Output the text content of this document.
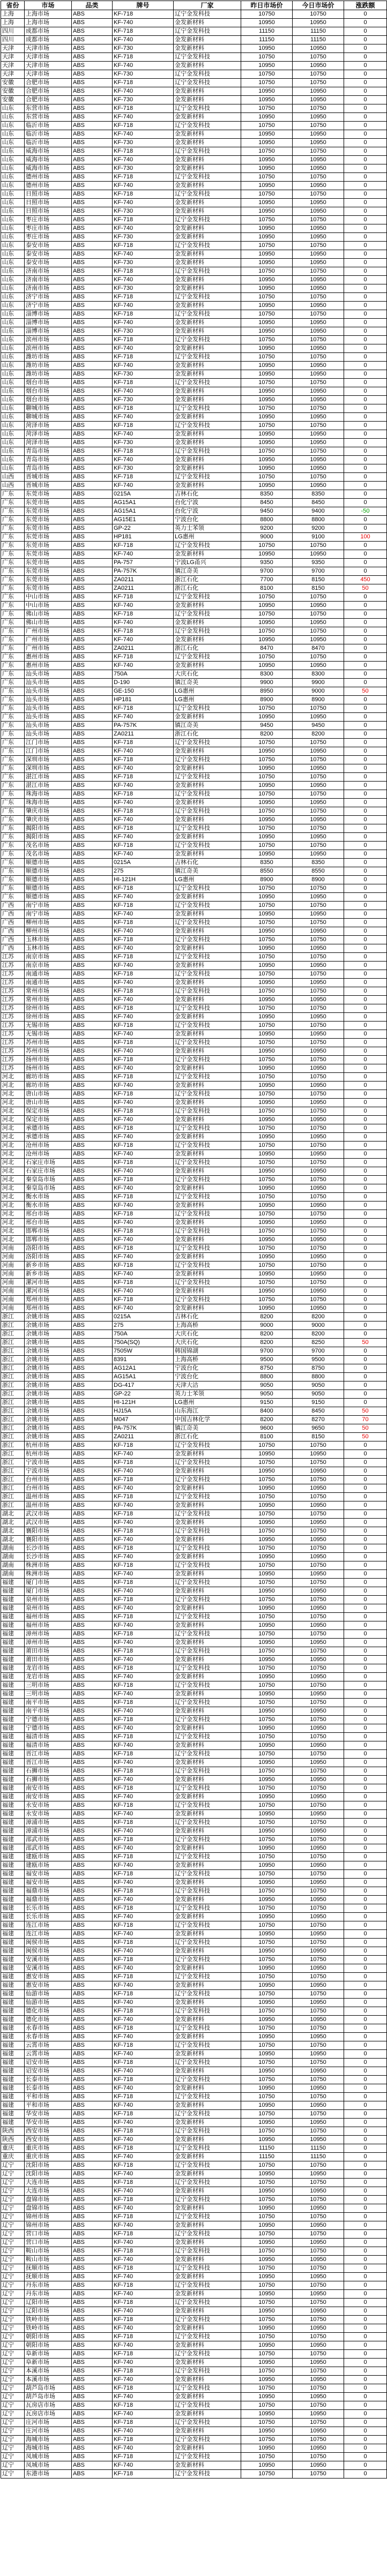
省份	市场	品类	牌号	厂家	昨日市场价	今日市场价	涨跌额
上海	上海市场	ABS	KF-718	辽宁金发科技	10750	10750	0
上海	上海市场	ABS	KF-740	金发新材料	10950	10950	0
四川	成都市场	ABS	KF-718	辽宁金发科技	11150	11150	0
四川	成都市场	ABS	KF-740	金发新材料	11150	11150	0
天津	天津市场	ABS	KF-730	金发新材料	10950	10950	0
天津	天津市场	ABS	KF-718	辽宁金发科技	10750	10750	0
天津	天津市场	ABS	KF-740	金发新材料	10950	10950	0
天津	天津市场	ABS	KF-730	辽宁金发科技	10750	10750	0
安徽	合肥市场	ABS	KF-718	辽宁金发科技	10750	10750	0
安徽	合肥市场	ABS	KF-740	金发新材料	10950	10950	0
安徽	合肥市场	ABS	KF-730	金发新材料	10950	10950	0
山东	东营市场	ABS	KF-718	辽宁金发科技	10750	10750	0
山东	东营市场	ABS	KF-740	金发新材料	10950	10950	0
山东	临沂市场	ABS	KF-718	辽宁金发科技	10750	10750	0
山东	临沂市场	ABS	KF-740	金发新材料	10950	10950	0
山东	临沂市场	ABS	KF-730	金发新材料	10950	10950	0
山东	威海市场	ABS	KF-718	辽宁金发科技	10750	10750	0
山东	威海市场	ABS	KF-740	金发新材料	10950	10950	0
山东	威海市场	ABS	KF-730	金发新材料	10950	10950	0
山东	德州市场	ABS	KF-718	辽宁金发科技	10750	10750	0
山东	德州市场	ABS	KF-740	金发新材料	10950	10950	0
山东	日照市场	ABS	KF-718	辽宁金发科技	10750	10750	0
山东	日照市场	ABS	KF-740	金发新材料	10950	10950	0
山东	日照市场	ABS	KF-730	金发新材料	10950	10950	0
山东	枣庄市场	ABS	KF-718	辽宁金发科技	10750	10750	0
山东	枣庄市场	ABS	KF-740	金发新材料	10950	10950	0
山东	枣庄市场	ABS	KF-730	金发新材料	10950	10950	0
山东	泰安市场	ABS	KF-718	辽宁金发科技	10750	10750	0
山东	泰安市场	ABS	KF-740	金发新材料	10950	10950	0
山东	泰安市场	ABS	KF-730	金发新材料	10950	10950	0
山东	济南市场	ABS	KF-718	辽宁金发科技	10750	10750	0
山东	济南市场	ABS	KF-740	金发新材料	10950	10950	0
山东	济南市场	ABS	KF-730	金发新材料	10950	10950	0
山东	济宁市场	ABS	KF-718	辽宁金发科技	10750	10750	0
山东	济宁市场	ABS	KF-740	金发新材料	10950	10950	0
山东	淄博市场	ABS	KF-718	辽宁金发科技	10750	10750	0
山东	淄博市场	ABS	KF-740	金发新材料	10950	10950	0
山东	淄博市场	ABS	KF-730	金发新材料	10950	10950	0
山东	滨州市场	ABS	KF-718	辽宁金发科技	10750	10750	0
山东	滨州市场	ABS	KF-740	金发新材料	10950	10950	0
山东	潍坊市场	ABS	KF-718	辽宁金发科技	10750	10750	0
山东	潍坊市场	ABS	KF-740	金发新材料	10950	10950	0
山东	潍坊市场	ABS	KF-730	金发新材料	10950	10950	0
山东	烟台市场	ABS	KF-718	辽宁金发科技	10750	10750	0
山东	烟台市场	ABS	KF-740	金发新材料	10950	10950	0
山东	烟台市场	ABS	KF-730	金发新材料	10950	10950	0
山东	聊城市场	ABS	KF-718	辽宁金发科技	10750	10750	0
山东	聊城市场	ABS	KF-740	金发新材料	10950	10950	0
山东	菏泽市场	ABS	KF-718	辽宁金发科技	10750	10750	0
山东	菏泽市场	ABS	KF-740	金发新材料	10950	10950	0
山东	菏泽市场	ABS	KF-730	金发新材料	10950	10950	0
山东	青岛市场	ABS	KF-718	辽宁金发科技	10750	10750	0
山东	青岛市场	ABS	KF-740	金发新材料	10950	10950	0
山东	青岛市场	ABS	KF-730	金发新材料	10950	10950	0
山西	晋城市场	ABS	KF-718	辽宁金发科技	10750	10750	0
山西	晋城市场	ABS	KF-740	金发新材料	10950	10950	0
广东	东莞市场	ABS	0215A	吉林石化	8350	8350	0
广东	东莞市场	ABS	AG15A1	台化宁波	8450	8450	0
广东	东莞市场	ABS	AG15A1	台化宁波	9450	9400	-50
广东	东莞市场	ABS	AG15E1	宁波台化	8800	8800	0
广东	东莞市场	ABS	GP-22	英力士苯领	9200	9200	0
广东	东莞市场	ABS	HP181	LG惠州	9000	9100	100
广东	东莞市场	ABS	KF-718	辽宁金发科技	10750	10750	0
广东	东莞市场	ABS	KF-740	金发新材料	10950	10950	0
广东	东莞市场	ABS	PA-757	宁波LG甬兴	9350	9350	0
广东	东莞市场	ABS	PA-757K	镇江奇美	9700	9700	0
广东	东莞市场	ABS	ZA0211	浙江石化	7700	8150	450
广东	东莞市场	ABS	ZA0211	浙江石化	8100	8150	50
广东	中山市场	ABS	KF-718	辽宁金发科技	10750	10750	0
广东	中山市场	ABS	KF-740	金发新材料	10950	10950	0
广东	佛山市场	ABS	KF-718	辽宁金发科技	10750	10750	0
广东	佛山市场	ABS	KF-740	金发新材料	10950	10950	0
广东	广州市场	ABS	KF-718	辽宁金发科技	10750	10750	0
广东	广州市场	ABS	KF-740	金发新材料	10950	10950	0
广东	广州市场	ABS	ZA0211	浙江石化	8470	8470	0
广东	惠州市场	ABS	KF-718	辽宁金发科技	10750	10750	0
广东	惠州市场	ABS	KF-740	金发新材料	10950	10950	0
广东	汕头市场	ABS	750A	大庆石化	8300	8300	0
广东	汕头市场	ABS	D-190	镇江奇美	9900	9900	0
广东	汕头市场	ABS	GE-150	LG惠州	8950	9000	50
广东	汕头市场	ABS	HP181	LG惠州	8900	8900	0
广东	汕头市场	ABS	KF-718	辽宁金发科技	10750	10750	0
广东	汕头市场	ABS	KF-740	金发新材料	10950	10950	0
广东	汕头市场	ABS	PA-757K	镇江奇美	9450	9450	0
广东	汕头市场	ABS	ZA0211	浙江石化	8200	8200	0
广东	江门市场	ABS	KF-718	辽宁金发科技	10750	10750	0
广东	江门市场	ABS	KF-740	金发新材料	10950	10950	0
广东	深圳市场	ABS	KF-718	辽宁金发科技	10750	10750	0
广东	深圳市场	ABS	KF-740	金发新材料	10950	10950	0
广东	湛江市场	ABS	KF-718	辽宁金发科技	10750	10750	0
广东	湛江市场	ABS	KF-740	金发新材料	10950	10950	0
广东	珠海市场	ABS	KF-718	辽宁金发科技	10750	10750	0
广东	珠海市场	ABS	KF-740	金发新材料	10950	10950	0
广东	肇庆市场	ABS	KF-718	辽宁金发科技	10750	10750	0
广东	肇庆市场	ABS	KF-740	金发新材料	10950	10950	0
广东	揭阳市场	ABS	KF-718	辽宁金发科技	10750	10750	0
广东	揭阳市场	ABS	KF-740	金发新材料	10950	10950	0
广东	茂名市场	ABS	KF-718	辽宁金发科技	10750	10750	0
广东	茂名市场	ABS	KF-740	金发新材料	10950	10950	0
广东	顺德市场	ABS	0215A	吉林石化	8350	8350	0
广东	顺德市场	ABS	275	镇江奇美	8550	8550	0
广东	顺德市场	ABS	HI-121H	LG惠州	8900	8900	0
广东	顺德市场	ABS	KF-718	辽宁金发科技	10750	10750	0
广东	顺德市场	ABS	KF-740	金发新材料	10950	10950	0
广西	南宁市场	ABS	KF-718	辽宁金发科技	10750	10750	0
广西	南宁市场	ABS	KF-740	金发新材料	10950	10950	0
广西	柳州市场	ABS	KF-718	辽宁金发科技	10750	10750	0
广西	柳州市场	ABS	KF-740	金发新材料	10950	10950	0
广西	玉林市场	ABS	KF-718	辽宁金发科技	10750	10750	0
广西	玉林市场	ABS	KF-740	金发新材料	10950	10950	0
江苏	南京市场	ABS	KF-718	辽宁金发科技	10750	10750	0
江苏	南京市场	ABS	KF-740	金发新材料	10950	10950	0
江苏	南通市场	ABS	KF-718	辽宁金发科技	10750	10750	0
江苏	南通市场	ABS	KF-740	金发新材料	10950	10950	0
江苏	常州市场	ABS	KF-718	辽宁金发科技	10750	10750	0
江苏	常州市场	ABS	KF-740	金发新材料	10950	10950	0
江苏	徐州市场	ABS	KF-718	辽宁金发科技	10750	10750	0
江苏	徐州市场	ABS	KF-740	金发新材料	10950	10950	0
江苏	无锡市场	ABS	KF-718	辽宁金发科技	10750	10750	0
江苏	无锡市场	ABS	KF-740	金发新材料	10950	10950	0
江苏	苏州市场	ABS	KF-718	辽宁金发科技	10750	10750	0
江苏	苏州市场	ABS	KF-740	金发新材料	10950	10950	0
江苏	扬州市场	ABS	KF-718	辽宁金发科技	10750	10750	0
江苏	扬州市场	ABS	KF-740	金发新材料	10950	10950	0
河北	廊坊市场	ABS	KF-718	辽宁金发科技	10750	10750	0
河北	廊坊市场	ABS	KF-740	金发新材料	10950	10950	0
河北	唐山市场	ABS	KF-718	辽宁金发科技	10750	10750	0
河北	唐山市场	ABS	KF-740	金发新材料	10950	10950	0
河北	保定市场	ABS	KF-718	辽宁金发科技	10750	10750	0
河北	保定市场	ABS	KF-740	金发新材料	10950	10950	0
河北	承德市场	ABS	KF-718	辽宁金发科技	10750	10750	0
河北	承德市场	ABS	KF-740	金发新材料	10950	10950	0
河北	沧州市场	ABS	KF-718	辽宁金发科技	10750	10750	0
河北	沧州市场	ABS	KF-740	金发新材料	10950	10950	0
河北	石家庄市场	ABS	KF-718	辽宁金发科技	10750	10750	0
河北	石家庄市场	ABS	KF-740	金发新材料	10950	10950	0
河北	秦皇岛市场	ABS	KF-718	辽宁金发科技	10750	10750	0
河北	秦皇岛市场	ABS	KF-740	金发新材料	10950	10950	0
河北	衡水市场	ABS	KF-718	辽宁金发科技	10750	10750	0
河北	衡水市场	ABS	KF-740	金发新材料	10950	10950	0
河北	邢台市场	ABS	KF-718	辽宁金发科技	10750	10750	0
河北	邢台市场	ABS	KF-740	金发新材料	10950	10950	0
河北	邯郸市场	ABS	KF-718	辽宁金发科技	10750	10750	0
河北	邯郸市场	ABS	KF-740	金发新材料	10950	10950	0
河南	洛阳市场	ABS	KF-718	辽宁金发科技	10750	10750	0
河南	洛阳市场	ABS	KF-740	金发新材料	10950	10950	0
河南	新乡市场	ABS	KF-718	辽宁金发科技	10750	10750	0
河南	新乡市场	ABS	KF-740	金发新材料	10950	10950	0
河南	漯河市场	ABS	KF-718	辽宁金发科技	10750	10750	0
河南	漯河市场	ABS	KF-740	金发新材料	10950	10950	0
河南	郑州市场	ABS	KF-718	辽宁金发科技	10750	10750	0
河南	郑州市场	ABS	KF-740	金发新材料	10950	10950	0
浙江	余姚市场	ABS	0215A	吉林石化	8200	8200	0
浙江	余姚市场	ABS	275	上海高桥	9000	9000	0
浙江	余姚市场	ABS	750A	大庆石化	8200	8200	0
浙江	余姚市场	ABS	750A(SQ)	大庆石化	8200	8250	50
浙江	余姚市场	ABS	7505W	韩国锦湖	9700	9700	0
浙江	余姚市场	ABS	8391	上海高桥	9500	9500	0
浙江	余姚市场	ABS	AG12A1	宁波台化	8750	8750	0
浙江	余姚市场	ABS	AG15A1	宁波台化	8800	8800	0
浙江	余姚市场	ABS	DG-417	天津大沽	9050	9050	0
浙江	余姚市场	ABS	GP-22	英力士苯领	9050	9050	0
浙江	余姚市场	ABS	HI-121H	LG惠州	9150	9150	0
浙江	余姚市场	ABS	HJ15A	山东海江	8400	8450	50
浙江	余姚市场	ABS	M047	中国吉林化学	8200	8270	70
浙江	余姚市场	ABS	PA-757K	镇江奇美	9600	9650	50
浙江	余姚市场	ABS	ZA0211	浙江石化	8100	8150	50
浙江	杭州市场	ABS	KF-718	辽宁金发科技	10750	10750	0
浙江	杭州市场	ABS	KF-740	金发新材料	10950	10950	0
浙江	宁波市场	ABS	KF-718	辽宁金发科技	10750	10750	0
浙江	宁波市场	ABS	KF-740	金发新材料	10950	10950	0
浙江	台州市场	ABS	KF-718	辽宁金发科技	10750	10750	0
浙江	台州市场	ABS	KF-740	金发新材料	10950	10950	0
浙江	温州市场	ABS	KF-718	辽宁金发科技	10750	10750	0
浙江	温州市场	ABS	KF-740	金发新材料	10950	10950	0
湖北	武汉市场	ABS	KF-718	辽宁金发科技	10750	10750	0
湖北	武汉市场	ABS	KF-740	金发新材料	10950	10950	0
湖北	襄阳市场	ABS	KF-718	辽宁金发科技	10750	10750	0
湖北	襄阳市场	ABS	KF-740	金发新材料	10950	10950	0
湖南	长沙市场	ABS	KF-718	辽宁金发科技	10750	10750	0
湖南	长沙市场	ABS	KF-740	金发新材料	10950	10950	0
湖南	株洲市场	ABS	KF-718	辽宁金发科技	10750	10750	0
湖南	株洲市场	ABS	KF-740	金发新材料	10950	10950	0
福建	厦门市场	ABS	KF-718	辽宁金发科技	10750	10750	0
福建	厦门市场	ABS	KF-740	金发新材料	10950	10950	0
福建	泉州市场	ABS	KF-718	辽宁金发科技	10750	10750	0
福建	泉州市场	ABS	KF-740	金发新材料	10950	10950	0
福建	福州市场	ABS	KF-718	辽宁金发科技	10750	10750	0
福建	福州市场	ABS	KF-740	金发新材料	10950	10950	0
福建	漳州市场	ABS	KF-718	辽宁金发科技	10750	10750	0
福建	漳州市场	ABS	KF-740	金发新材料	10950	10950	0
福建	莆田市场	ABS	KF-718	辽宁金发科技	10750	10750	0
福建	莆田市场	ABS	KF-740	金发新材料	10950	10950	0
福建	龙岩市场	ABS	KF-718	辽宁金发科技	10750	10750	0
福建	龙岩市场	ABS	KF-740	金发新材料	10950	10950	0
福建	三明市场	ABS	KF-718	辽宁金发科技	10750	10750	0
福建	三明市场	ABS	KF-740	金发新材料	10950	10950	0
福建	南平市场	ABS	KF-718	辽宁金发科技	10750	10750	0
福建	南平市场	ABS	KF-740	金发新材料	10950	10950	0
福建	宁德市场	ABS	KF-718	辽宁金发科技	10750	10750	0
福建	宁德市场	ABS	KF-740	金发新材料	10950	10950	0
福建	福清市场	ABS	KF-718	辽宁金发科技	10750	10750	0
福建	福清市场	ABS	KF-740	金发新材料	10950	10950	0
福建	晋江市场	ABS	KF-718	辽宁金发科技	10750	10750	0
福建	晋江市场	ABS	KF-740	金发新材料	10950	10950	0
福建	石狮市场	ABS	KF-718	辽宁金发科技	10750	10750	0
福建	石狮市场	ABS	KF-740	金发新材料	10950	10950	0
福建	南安市场	ABS	KF-718	辽宁金发科技	10750	10750	0
福建	南安市场	ABS	KF-740	金发新材料	10950	10950	0
福建	永安市场	ABS	KF-718	辽宁金发科技	10750	10750	0
福建	永安市场	ABS	KF-740	金发新材料	10950	10950	0
福建	漳浦市场	ABS	KF-718	辽宁金发科技	10750	10750	0
福建	漳浦市场	ABS	KF-740	金发新材料	10950	10950	0
福建	邵武市场	ABS	KF-718	辽宁金发科技	10750	10750	0
福建	邵武市场	ABS	KF-740	金发新材料	10950	10950	0
福建	建瓯市场	ABS	KF-718	辽宁金发科技	10750	10750	0
福建	建瓯市场	ABS	KF-740	金发新材料	10950	10950	0
福建	福安市场	ABS	KF-718	辽宁金发科技	10750	10750	0
福建	福安市场	ABS	KF-740	金发新材料	10950	10950	0
福建	福鼎市场	ABS	KF-718	辽宁金发科技	10750	10750	0
福建	福鼎市场	ABS	KF-740	金发新材料	10950	10950	0
福建	长乐市场	ABS	KF-718	辽宁金发科技	10750	10750	0
福建	长乐市场	ABS	KF-740	金发新材料	10950	10950	0
福建	连江市场	ABS	KF-718	辽宁金发科技	10750	10750	0
福建	连江市场	ABS	KF-740	金发新材料	10950	10950	0
福建	闽侯市场	ABS	KF-718	辽宁金发科技	10750	10750	0
福建	闽侯市场	ABS	KF-740	金发新材料	10950	10950	0
福建	安溪市场	ABS	KF-718	辽宁金发科技	10750	10750	0
福建	安溪市场	ABS	KF-740	金发新材料	10950	10950	0
福建	惠安市场	ABS	KF-718	辽宁金发科技	10750	10750	0
福建	惠安市场	ABS	KF-740	金发新材料	10950	10950	0
福建	仙游市场	ABS	KF-718	辽宁金发科技	10750	10750	0
福建	仙游市场	ABS	KF-740	金发新材料	10950	10950	0
福建	德化市场	ABS	KF-718	辽宁金发科技	10750	10750	0
福建	德化市场	ABS	KF-740	金发新材料	10950	10950	0
福建	永春市场	ABS	KF-718	辽宁金发科技	10750	10750	0
福建	永春市场	ABS	KF-740	金发新材料	10950	10950	0
福建	云霄市场	ABS	KF-718	辽宁金发科技	10750	10750	0
福建	云霄市场	ABS	KF-740	金发新材料	10950	10950	0
福建	诏安市场	ABS	KF-718	辽宁金发科技	10750	10750	0
福建	诏安市场	ABS	KF-740	金发新材料	10950	10950	0
福建	长泰市场	ABS	KF-718	辽宁金发科技	10750	10750	0
福建	长泰市场	ABS	KF-740	金发新材料	10950	10950	0
福建	平和市场	ABS	KF-718	辽宁金发科技	10750	10750	0
福建	平和市场	ABS	KF-740	金发新材料	10950	10950	0
福建	华安市场	ABS	KF-718	辽宁金发科技	10750	10750	0
福建	华安市场	ABS	KF-740	金发新材料	10950	10950	0
陕西	西安市场	ABS	KF-718	辽宁金发科技	10750	10750	0
陕西	西安市场	ABS	KF-740	金发新材料	10950	10950	0
重庆	重庆市场	ABS	KF-718	辽宁金发科技	11150	11150	0
重庆	重庆市场	ABS	KF-740	金发新材料	11150	11150	0
辽宁	沈阳市场	ABS	KF-718	辽宁金发科技	10750	10750	0
辽宁	沈阳市场	ABS	KF-740	金发新材料	10950	10950	0
辽宁	大连市场	ABS	KF-718	辽宁金发科技	10750	10750	0
辽宁	大连市场	ABS	KF-740	金发新材料	10950	10950	0
辽宁	盘锦市场	ABS	KF-718	辽宁金发科技	10750	10750	0
辽宁	盘锦市场	ABS	KF-740	金发新材料	10950	10950	0
辽宁	锦州市场	ABS	KF-718	辽宁金发科技	10750	10750	0
辽宁	锦州市场	ABS	KF-740	金发新材料	10950	10950	0
辽宁	营口市场	ABS	KF-718	辽宁金发科技	10750	10750	0
辽宁	营口市场	ABS	KF-740	金发新材料	10950	10950	0
辽宁	鞍山市场	ABS	KF-718	辽宁金发科技	10750	10750	0
辽宁	鞍山市场	ABS	KF-740	金发新材料	10950	10950	0
辽宁	抚顺市场	ABS	KF-718	辽宁金发科技	10750	10750	0
辽宁	抚顺市场	ABS	KF-740	金发新材料	10950	10950	0
辽宁	丹东市场	ABS	KF-718	辽宁金发科技	10750	10750	0
辽宁	丹东市场	ABS	KF-740	金发新材料	10950	10950	0
辽宁	辽阳市场	ABS	KF-718	辽宁金发科技	10750	10750	0
辽宁	辽阳市场	ABS	KF-740	金发新材料	10950	10950	0
辽宁	铁岭市场	ABS	KF-718	辽宁金发科技	10750	10750	0
辽宁	铁岭市场	ABS	KF-740	金发新材料	10950	10950	0
辽宁	朝阳市场	ABS	KF-718	辽宁金发科技	10750	10750	0
辽宁	朝阳市场	ABS	KF-740	金发新材料	10950	10950	0
辽宁	阜新市场	ABS	KF-718	辽宁金发科技	10750	10750	0
辽宁	阜新市场	ABS	KF-740	金发新材料	10950	10950	0
辽宁	本溪市场	ABS	KF-718	辽宁金发科技	10750	10750	0
辽宁	本溪市场	ABS	KF-740	金发新材料	10950	10950	0
辽宁	葫芦岛市场	ABS	KF-718	辽宁金发科技	10750	10750	0
辽宁	葫芦岛市场	ABS	KF-740	金发新材料	10950	10950	0
辽宁	瓦房店市场	ABS	KF-718	辽宁金发科技	10750	10750	0
辽宁	瓦房店市场	ABS	KF-740	金发新材料	10950	10950	0
辽宁	庄河市场	ABS	KF-718	辽宁金发科技	10750	10750	0
辽宁	庄河市场	ABS	KF-740	金发新材料	10950	10950	0
辽宁	海城市场	ABS	KF-718	辽宁金发科技	10750	10750	0
辽宁	海城市场	ABS	KF-740	金发新材料	10950	10950	0
辽宁	凤城市场	ABS	KF-718	辽宁金发科技	10750	10750	0
辽宁	凤城市场	ABS	KF-740	金发新材料	10950	10950	0
辽宁	东港市场	ABS	KF-718	辽宁金发科技	10750	10750	0
